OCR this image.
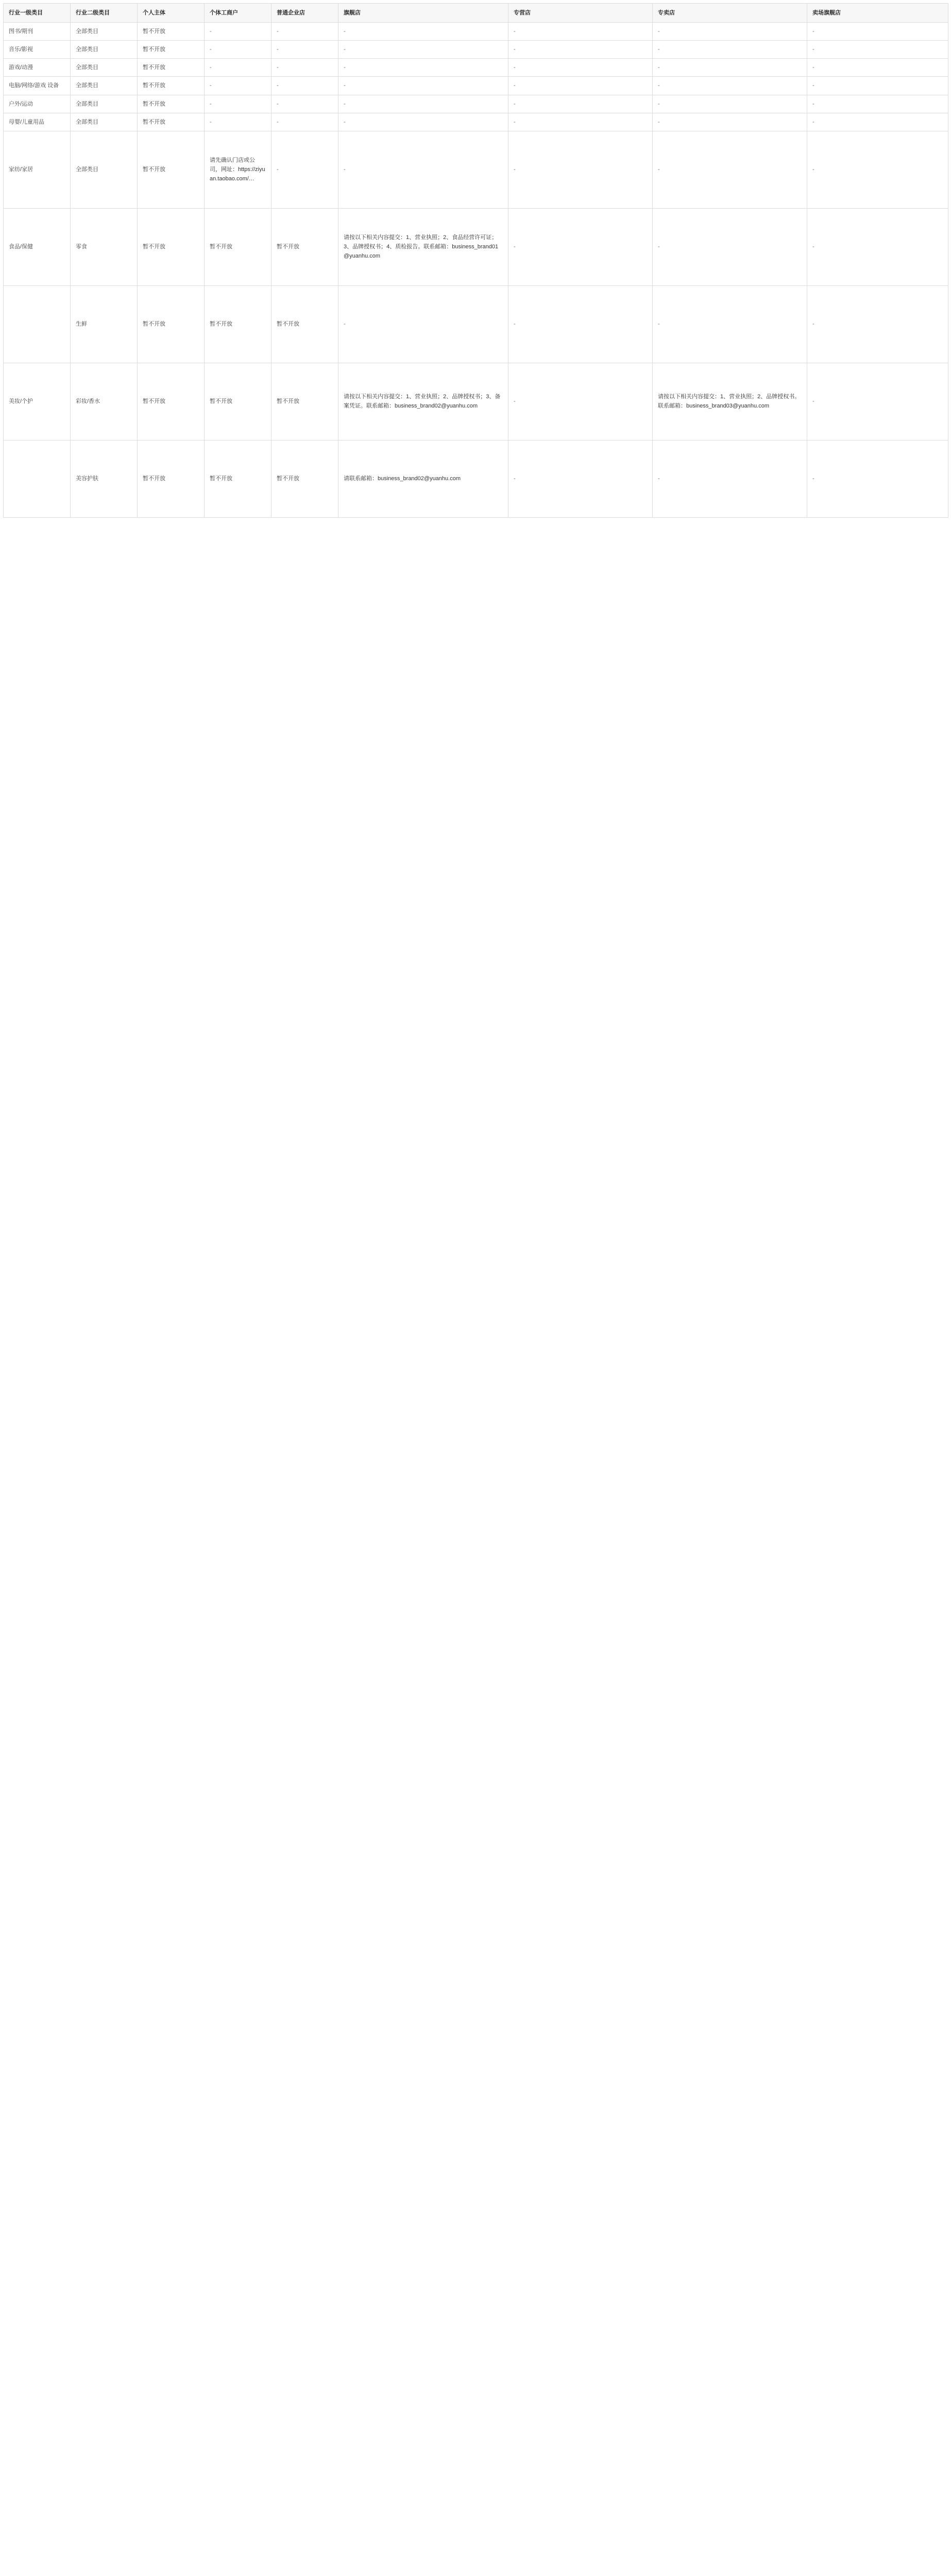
行业一级类目	行业二级类目	个人主体	个体工商户	普通企业店	旗舰店	专营店	专卖店	卖场旗舰店
图书/期刊	全部类目	暂不开放	-	-	-	-	-	-
音乐/影视	全部类目	暂不开放	-	-	-	-	-	-
游戏/动漫	全部类目	暂不开放	-	-	-	-	-	-
电脑/网络/游戏 设备	全部类目	暂不开放	-	-	-	-	-	-
户外/运动	全部类目	暂不开放	-	-	-	-	-	-
母婴/儿童用品	全部类目	暂不开放	-	-	-	-	-	-
家纺/家居	全部类目	暂不开放	请先确认门店或公司，网址：https://ziyuan.taobao.com/…	-	-	-	-	-
食品/保健	零食	暂不开放	暂不开放	暂不开放	请按以下相关内容提交：1、营业执照；2、食品经营许可证；3、品牌授权书；4、质检报告。联系邮箱：business_brand01@yuanhu.com	-	-	-
	生鲜	暂不开放	暂不开放	暂不开放	-	-	-	-
美妆/个护	彩妆/香水	暂不开放	暂不开放	暂不开放	请按以下相关内容提交：1、营业执照；2、品牌授权书；3、备案凭证。联系邮箱：business_brand02@yuanhu.com	-	请按以下相关内容提交：1、营业执照；2、品牌授权书。联系邮箱：business_brand03@yuanhu.com	-
	美容护肤	暂不开放	暂不开放	暂不开放	请联系邮箱：business_brand02@yuanhu.com	-	-	-
